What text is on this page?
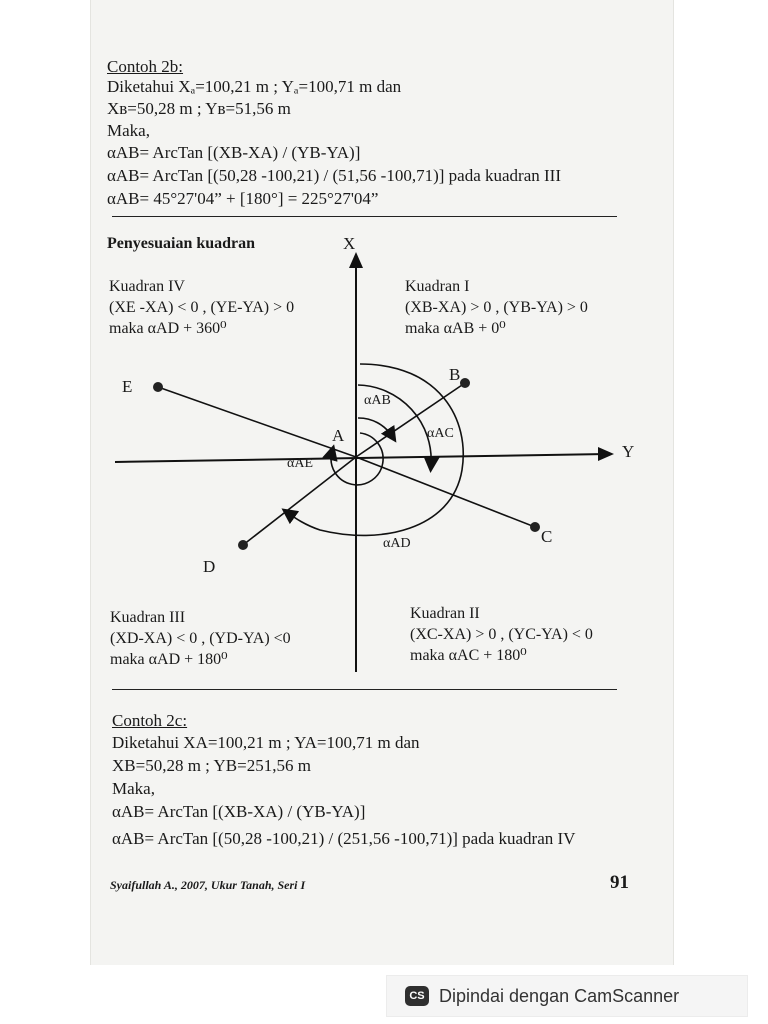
Contoh 2b:
Diketahui Xₐ=100,21 m ; Yₐ=100,71 m dan
Xʙ=50,28 m ; Yʙ=51,56 m
Maka,
αAB= ArcTan [(XB-XA) / (YB-YA)]
αAB= ArcTan [(50,28 -100,21) / (51,56 -100,71)] pada kuadran III
αAB= 45°27'04” + [180°] = 225°27'04”
Penyesuaian kuadran	X
Y
A
B
C
D
E
αAB
αAC
αAD
αAE
Kuadran IV
(XE -XA) < 0 , (YE-YA) > 0
maka αAD + 360⁰
Kuadran I
(XB-XA) > 0 , (YB-YA) > 0
maka αAB + 0⁰
Kuadran III
(XD-XA) < 0 , (YD-YA) <0
maka αAD + 180⁰
Kuadran II
(XC-XA) > 0 , (YC-YA) < 0
maka αAC + 180⁰
Contoh 2c:
Diketahui XA=100,21 m ; YA=100,71 m dan
XB=50,28 m ; YB=251,56 m
Maka,
αAB= ArcTan [(XB-XA) / (YB-YA)]
αAB= ArcTan [(50,28 -100,21) / (251,56 -100,71)] pada kuadran IV
Syaifullah A., 2007, Ukur Tanah, Seri I	91
CS Dipindai dengan CamScanner
